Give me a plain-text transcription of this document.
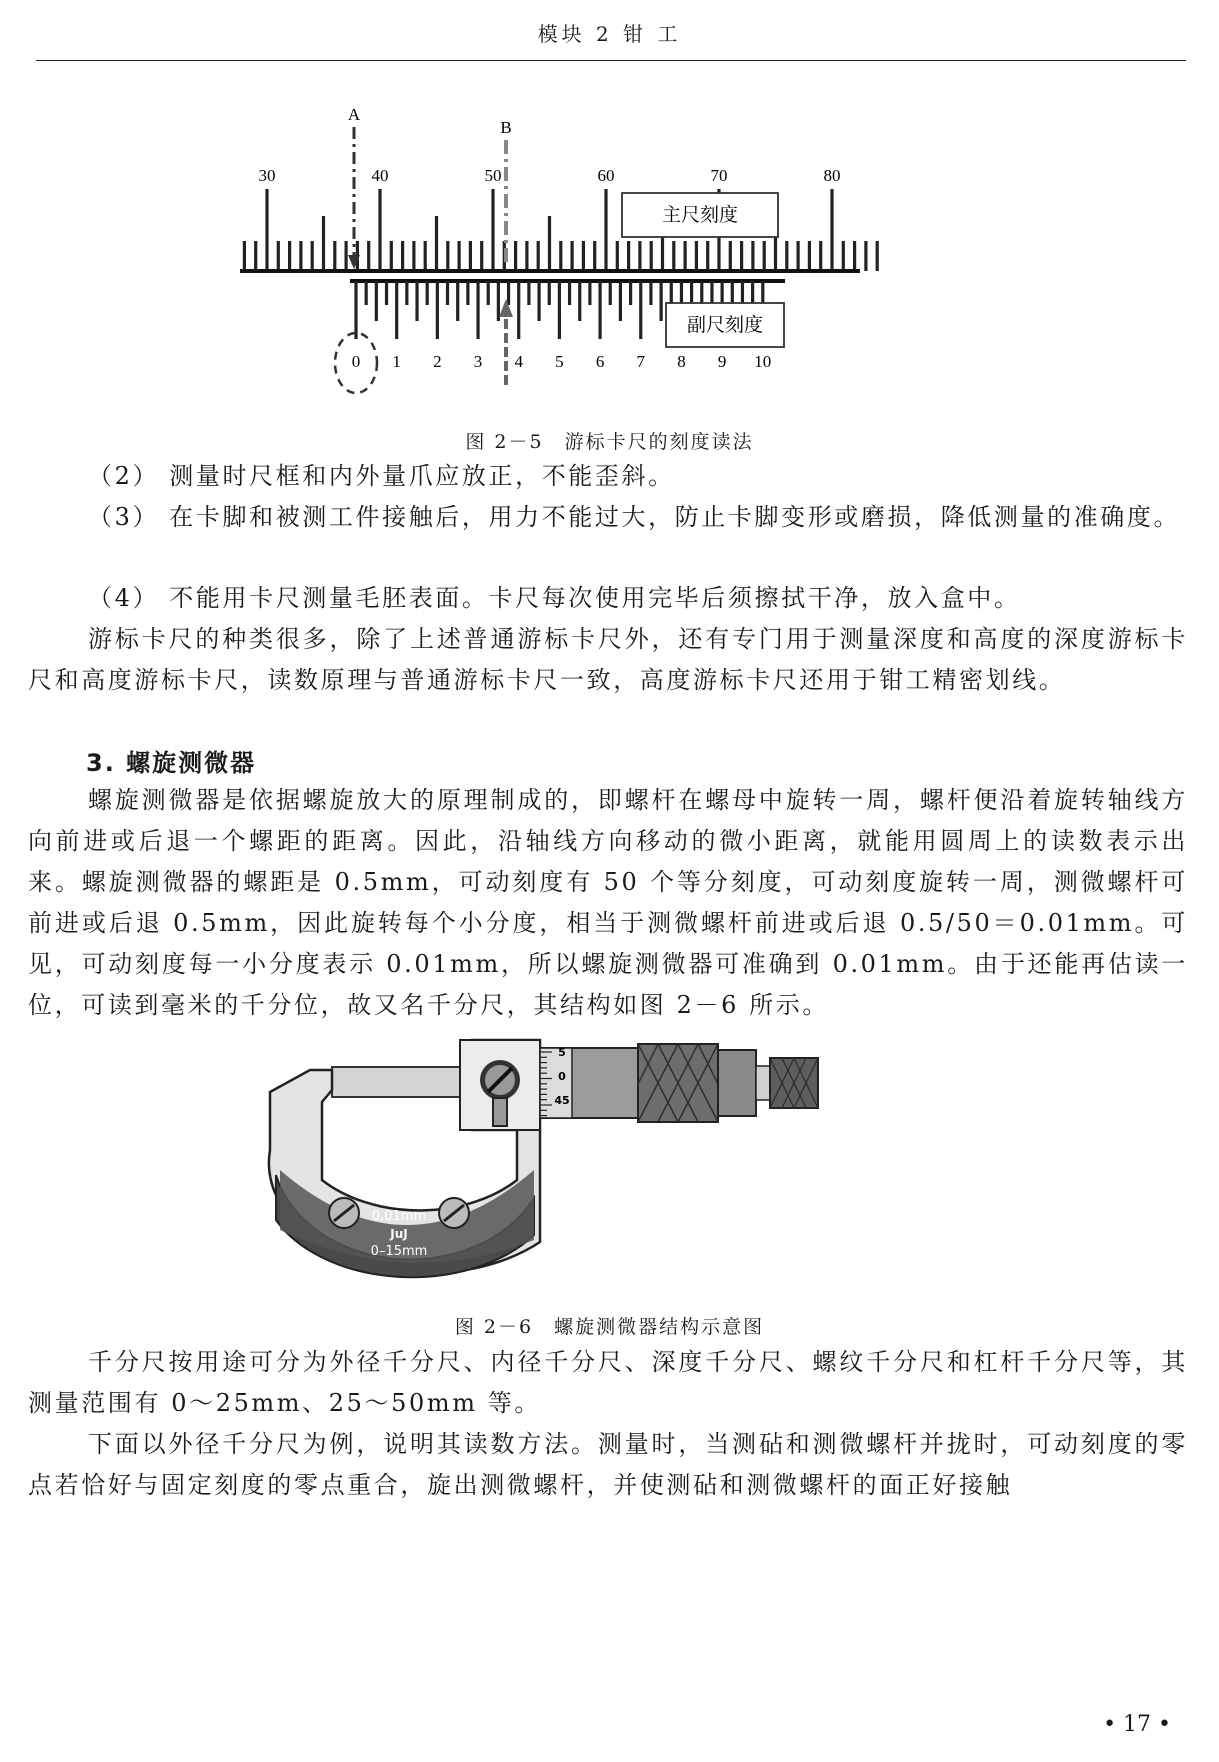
模块 2 钳 工
30	40	50	60	70	80
0 1 2 3 4 5 6 7 8 9 10
A
B
主尺刻度
副尺刻度
图 2－5　游标卡尺的刻度读法

（2） 测量时尺框和内外量爪应放正，不能歪斜。

（3） 在卡脚和被测工件接触后，用力不能过大，防止卡脚变形或磨损，降低测量的准确度。

（4） 不能用卡尺测量毛胚表面。卡尺每次使用完毕后须擦拭干净，放入盒中。

游标卡尺的种类很多，除了上述普通游标卡尺外，还有专门用于测量深度和高度的深度游标卡尺和高度游标卡尺，读数原理与普通游标卡尺一致，高度游标卡尺还用于钳工精密划线。

3. 螺旋测微器

螺旋测微器是依据螺旋放大的原理制成的，即螺杆在螺母中旋转一周，螺杆便沿着旋转轴线方向前进或后退一个螺距的距离。因此，沿轴线方向移动的微小距离，就能用圆周上的读数表示出来。螺旋测微器的螺距是 0.5mm，可动刻度有 50 个等分刻度，可动刻度旋转一周，测微螺杆可前进或后退 0.5mm，因此旋转每个小分度，相当于测微螺杆前进或后退 0.5/50＝0.01mm。可见，可动刻度每一小分度表示 0.01mm，所以螺旋测微器可准确到 0.01mm。由于还能再估读一位，可读到毫米的千分位，故又名千分尺，其结构如图 2－6 所示。

0.01mm
JuJ
0–15mm
5
0
45
图 2－6　螺旋测微器结构示意图

千分尺按用途可分为外径千分尺、内径千分尺、深度千分尺、螺纹千分尺和杠杆千分尺等，其测量范围有 0～25mm、25～50mm 等。

下面以外径千分尺为例，说明其读数方法。测量时，当测砧和测微螺杆并拢时，可动刻度的零点若恰好与固定刻度的零点重合，旋出测微螺杆，并使测砧和测微螺杆的面正好接触

• 17 •
